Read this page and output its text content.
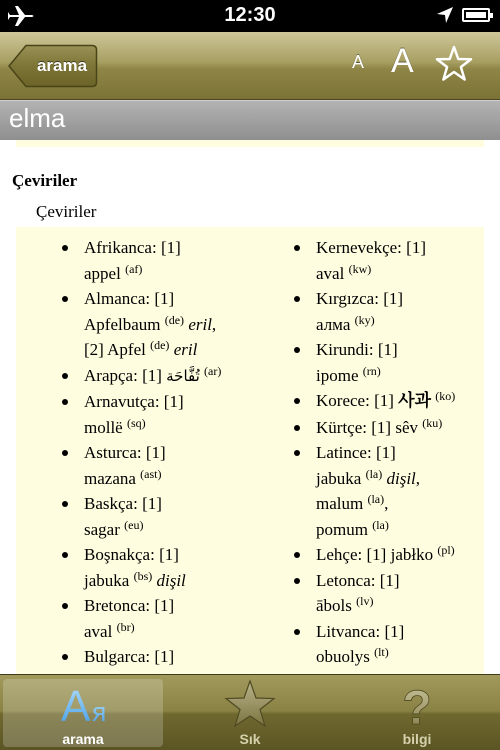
12:30
arama	A A
elma
Çeviriler
Çeviriler
Afrikanca: [1]
appel $^{(af)}$
Almanca: [1]
Apfelbaum $^{(de)}$ eril,
[2] Apfel $^{(de)}$ eril
Arapça: [1] تُفَّاحَة $^{(ar)}$
Arnavutça: [1]
mollë $^{(sq)}$
Asturca: [1]
mazana $^{(ast)}$
Baskça: [1]
sagar $^{(eu)}$
Boşnakça: [1]
jabuka $^{(bs)}$ dişil
Bretonca: [1]
aval $^{(br)}$
Bulgarca: [1]
Kernevekçe: [1]
aval $^{(kw)}$
Kırgızca: [1]
алма $^{(ky)}$
Kirundi: [1]
ipome $^{(rn)}$
Korece: [1] 사과 $^{(ko)}$
Kürtçe: [1] sêv $^{(ku)}$
Latince: [1]
jabuka $^{(la)}$ dişil,
malum $^{(la)}$,
pomum $^{(la)}$
Lehçe: [1] jabłko $^{(pl)}$
Letonca: [1]
ābols $^{(lv)}$
Litvanca: [1]
obuolys $^{(lt)}$
A я
arama	Sık
?
bilgi
